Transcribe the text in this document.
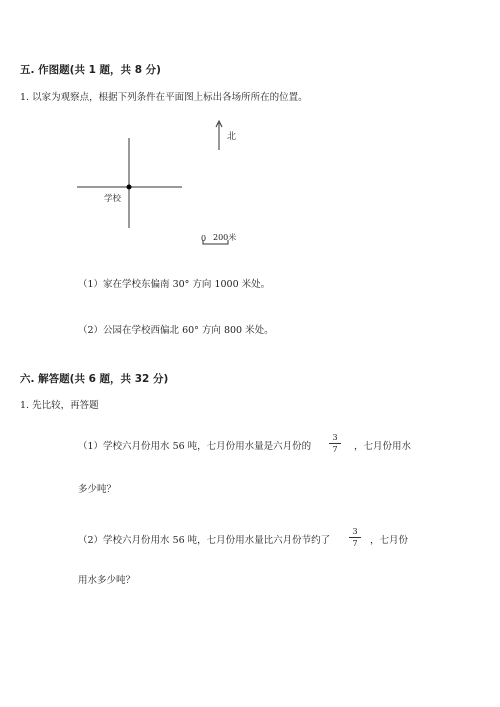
五. 作图题(共 1 题，共 8 分)
1. 以家为观察点，根据下列条件在平面图上标出各场所所在的位置。
北
学校
0 200米
（1）家在学校东偏南 30° 方向 1000 米处。
（2）公园在学校西偏北 60° 方向 800 米处。
六. 解答题(共 6 题，共 32 分)
1. 先比较，再答题
（1）学校六月份用水 56 吨，七月份用水量是六月份的
3
7	，七月份用水
多少吨？
（2）学校六月份用水 56 吨，七月份用水量比六月份节约了
3
7	，七月份
用水多少吨？
